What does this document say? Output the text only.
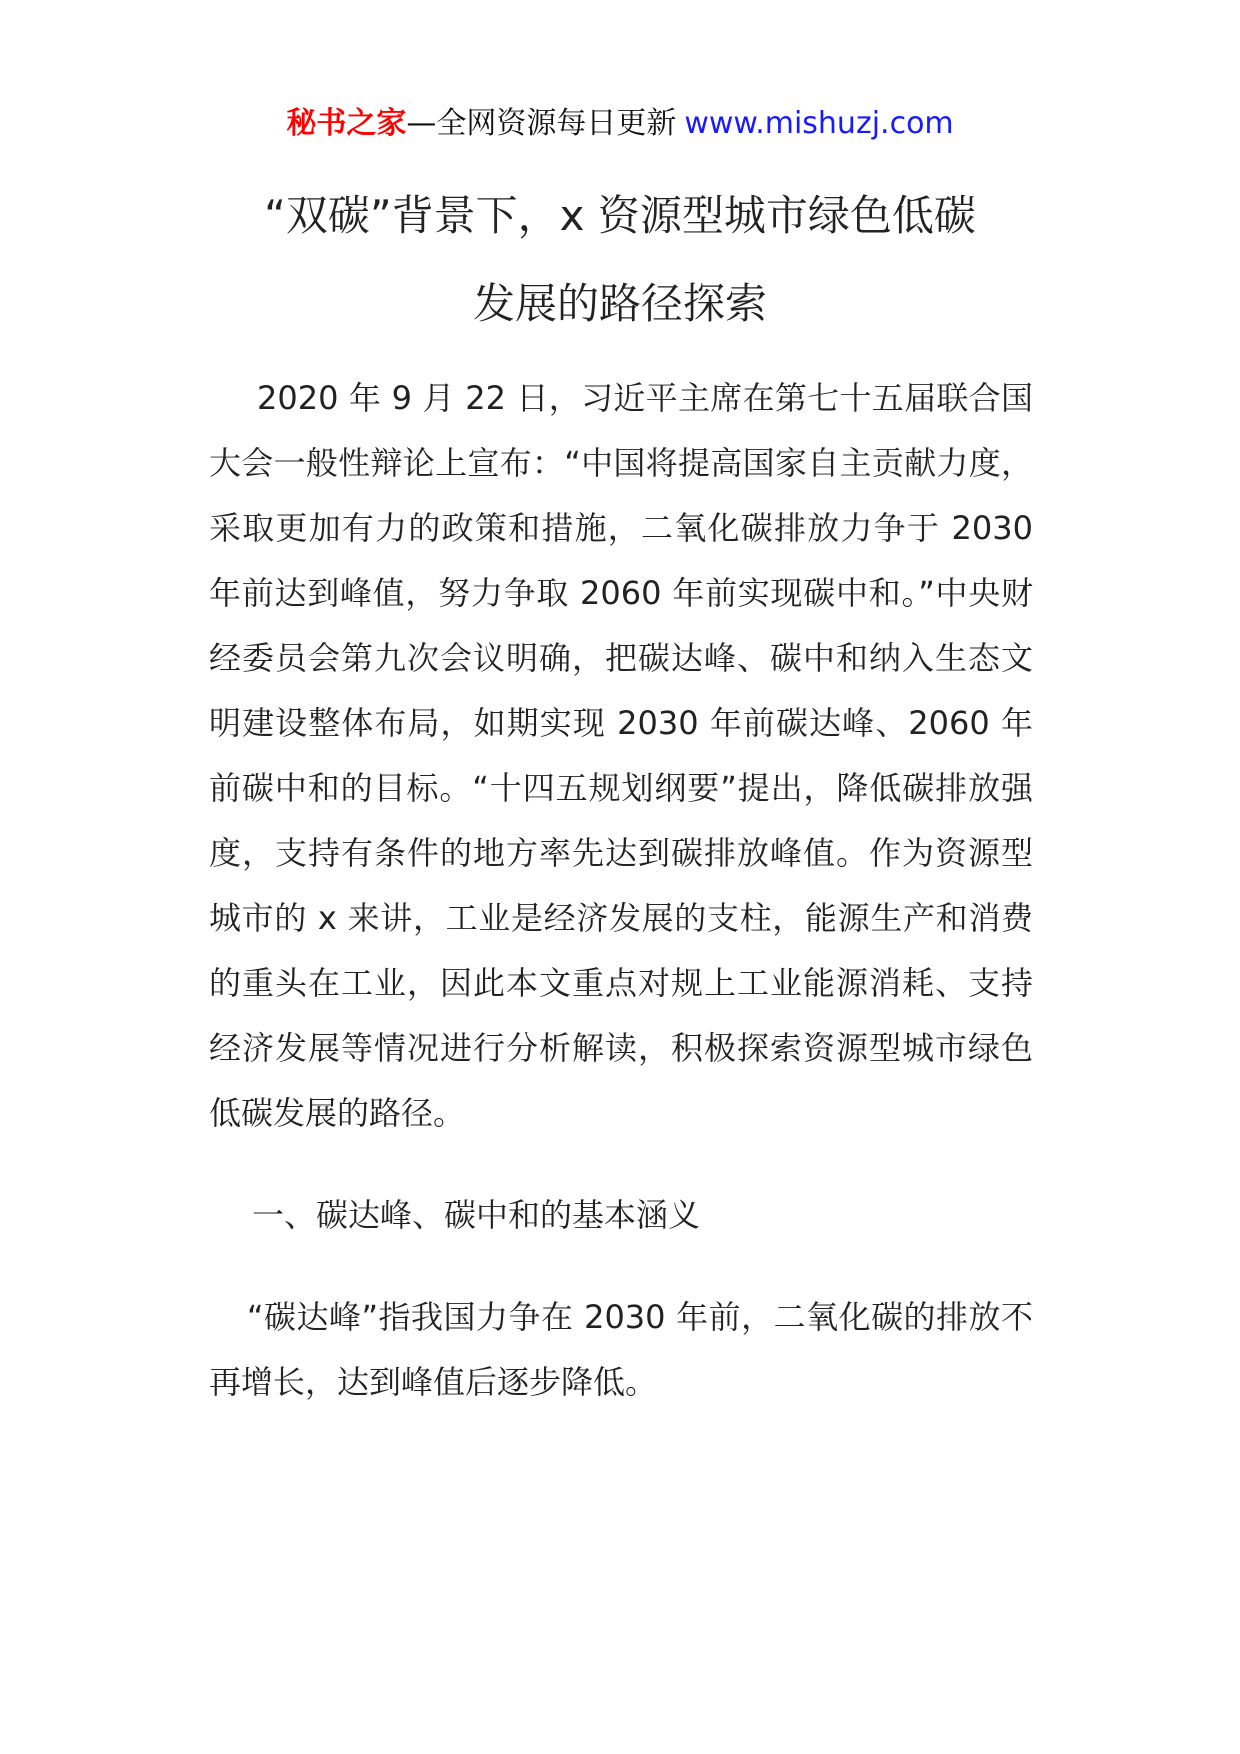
秘书之家—全网资源每日更新 www.mishuzj.com
“双碳”背景下，x 资源型城市绿色低碳
发展的路径探索

2020 年 9 月 22 日，习近平主席在第七十五届联合国大会一般性辩论上宣布：“中国将提高国家自主贡献力度，采取更加有力的政策和措施，二氧化碳排放力争于 2030 年前达到峰值，努力争取 2060 年前实现碳中和。”中央财经委员会第九次会议明确，把碳达峰、碳中和纳入生态文明建设整体布局，如期实现 2030 年前碳达峰、2060 年前碳中和的目标。“十四五规划纲要”提出，降低碳排放强度，支持有条件的地方率先达到碳排放峰值。作为资源型城市的 x 来讲，工业是经济发展的支柱，能源生产和消费的重头在工业，因此本文重点对规上工业能源消耗、支持经济发展等情况进行分析解读，积极探索资源型城市绿色低碳发展的路径。

一、碳达峰、碳中和的基本涵义

“碳达峰”指我国力争在 2030 年前，二氧化碳的排放不再增长，达到峰值后逐步降低。
